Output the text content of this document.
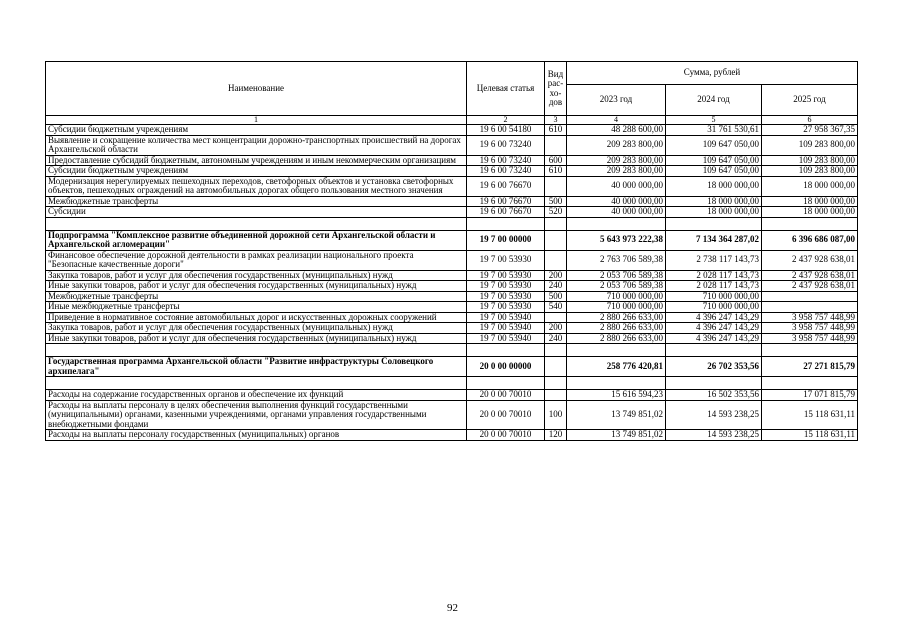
Наименование	Целевая статья	Вид рас- хо- дов	Сумма, рублей		
			2023 год	2024 год	2025 год
1	2	3	4	5	6
Субсидии бюджетным учреждениям	19 6 00 54180	610	48 288 600,00	31 761 530,61	27 958 367,35
Выявление и сокращение количества мест концентрации дорожно-транспортных происшествий на дорогах Архангельской области	19 6 00 73240		209 283 800,00	109 647 050,00	109 283 800,00
Предоставление субсидий бюджетным, автономным учреждениям и иным некоммерческим организациям	19 6 00 73240	600	209 283 800,00	109 647 050,00	109 283 800,00
Субсидии бюджетным учреждениям	19 6 00 73240	610	209 283 800,00	109 647 050,00	109 283 800,00
Модернизация нерегулируемых пешеходных переходов, светофорных объектов и установка светофорных объектов, пешеходных ограждений на автомобильных дорогах общего пользования местного значения	19 6 00 76670		40 000 000,00	18 000 000,00	18 000 000,00
Межбюджетные трансферты	19 6 00 76670	500	40 000 000,00	18 000 000,00	18 000 000,00
Субсидии	19 6 00 76670	520	40 000 000,00	18 000 000,00	18 000 000,00

Подпрограмма "Комплексное развитие объединенной дорожной сети Архангельской области и Архангельской агломерации"	19 7 00 00000		5 643 973 222,38	7 134 364 287,02	6 396 686 087,00
Финансовое обеспечение дорожной деятельности в рамках реализации национального проекта "Безопасные качественные дороги"	19 7 00 53930		2 763 706 589,38	2 738 117 143,73	2 437 928 638,01
Закупка товаров, работ и услуг для обеспечения государственных (муниципальных) нужд	19 7 00 53930	200	2 053 706 589,38	2 028 117 143,73	2 437 928 638,01
Иные закупки товаров, работ и услуг для обеспечения государственных (муниципальных) нужд	19 7 00 53930	240	2 053 706 589,38	2 028 117 143,73	2 437 928 638,01
Межбюджетные трансферты	19 7 00 53930	500	710 000 000,00	710 000 000,00	
Иные межбюджетные трансферты	19 7 00 53930	540	710 000 000,00	710 000 000,00	
Приведение в нормативное состояние автомобильных дорог и искусственных дорожных сооружений	19 7 00 53940		2 880 266 633,00	4 396 247 143,29	3 958 757 448,99
Закупка товаров, работ и услуг для обеспечения государственных (муниципальных) нужд	19 7 00 53940	200	2 880 266 633,00	4 396 247 143,29	3 958 757 448,99
Иные закупки товаров, работ и услуг для обеспечения государственных (муниципальных) нужд	19 7 00 53940	240	2 880 266 633,00	4 396 247 143,29	3 958 757 448,99

Государственная программа Архангельской области "Развитие инфраструктуры Соловецкого архипелага"	20 0 00 00000		258 776 420,81	26 702 353,56	27 271 815,79

Расходы на содержание государственных органов и обеспечение их функций	20 0 00 70010		15 616 594,23	16 502 353,56	17 071 815,79
Расходы на выплаты персоналу в целях обеспечения выполнения функций государственными (муниципальными) органами, казенными учреждениями, органами управления государственными внебюджетными фондами	20 0 00 70010	100	13 749 851,02	14 593 238,25	15 118 631,11
Расходы на выплаты персоналу государственных (муниципальных) органов	20 0 00 70010	120	13 749 851,02	14 593 238,25	15 118 631,11
92
